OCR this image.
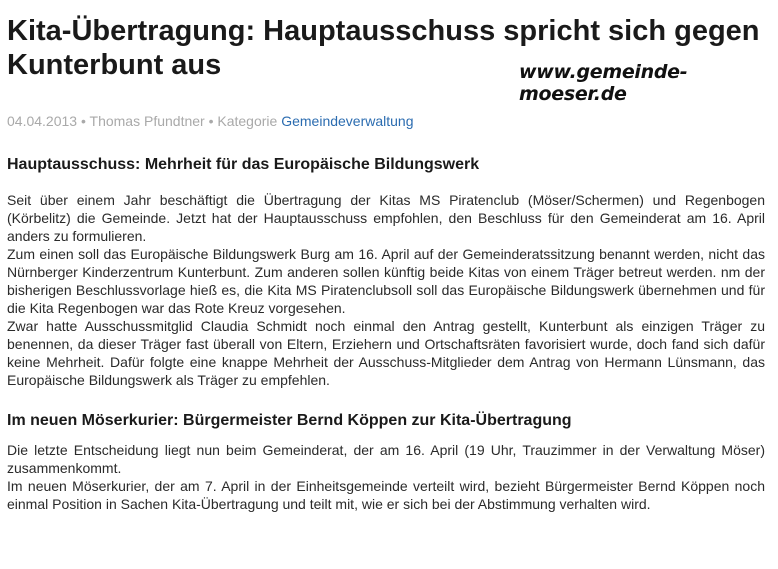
Kita-Übertragung: Hauptausschuss spricht sich gegen Kunterbunt aus	www.gemeinde-moeser.de
04.04.2013 • Thomas Pfundtner • Kategorie Gemeindeverwaltung
Hauptausschuss: Mehrheit für das Europäische Bildungswerk

Seit über einem Jahr beschäftigt die Übertragung der Kitas MS Piratenclub (Möser/Schermen) und Regenbogen (Körbelitz) die Gemeinde. Jetzt hat der Hauptausschuss empfohlen, den Beschluss für den Gemeinderat am 16. April anders zu formulieren.

Zum einen soll das Europäische Bildungswerk Burg am 16. April auf der Gemeinderatssitzung benannt werden, nicht das Nürnberger Kinderzentrum Kunterbunt. Zum anderen sollen künftig beide Kitas von einem Träger betreut werden. nm der bisherigen Beschlussvorlage hieß es, die Kita MS Piratenclubsoll soll das Europäische Bildungswerk übernehmen und für die Kita Regenbogen war das Rote Kreuz vorgesehen.

Zwar hatte Ausschussmitglid Claudia Schmidt noch einmal den Antrag gestellt, Kunterbunt als einzigen Träger zu benennen, da dieser Träger fast überall von Eltern, Erziehern und Ortschaftsräten favorisiert wurde, doch fand sich dafür keine Mehrheit. Dafür folgte eine knappe Mehrheit der Ausschuss-Mitglieder dem Antrag von Hermann Lünsmann, das Europäische Bildungswerk als Träger zu empfehlen.

Im neuen Möserkurier: Bürgermeister Bernd Köppen zur Kita-Übertragung

Die letzte Entscheidung liegt nun beim Gemeinderat, der am 16. April (19 Uhr, Trauzimmer in der Verwaltung Möser) zusammenkommt.

Im neuen Möserkurier, der am 7. April in der Einheitsgemeinde verteilt wird, bezieht Bürgermeister Bernd Köppen noch einmal Position in Sachen Kita-Übertragung und teilt mit, wie er sich bei der Abstimmung verhalten wird.
